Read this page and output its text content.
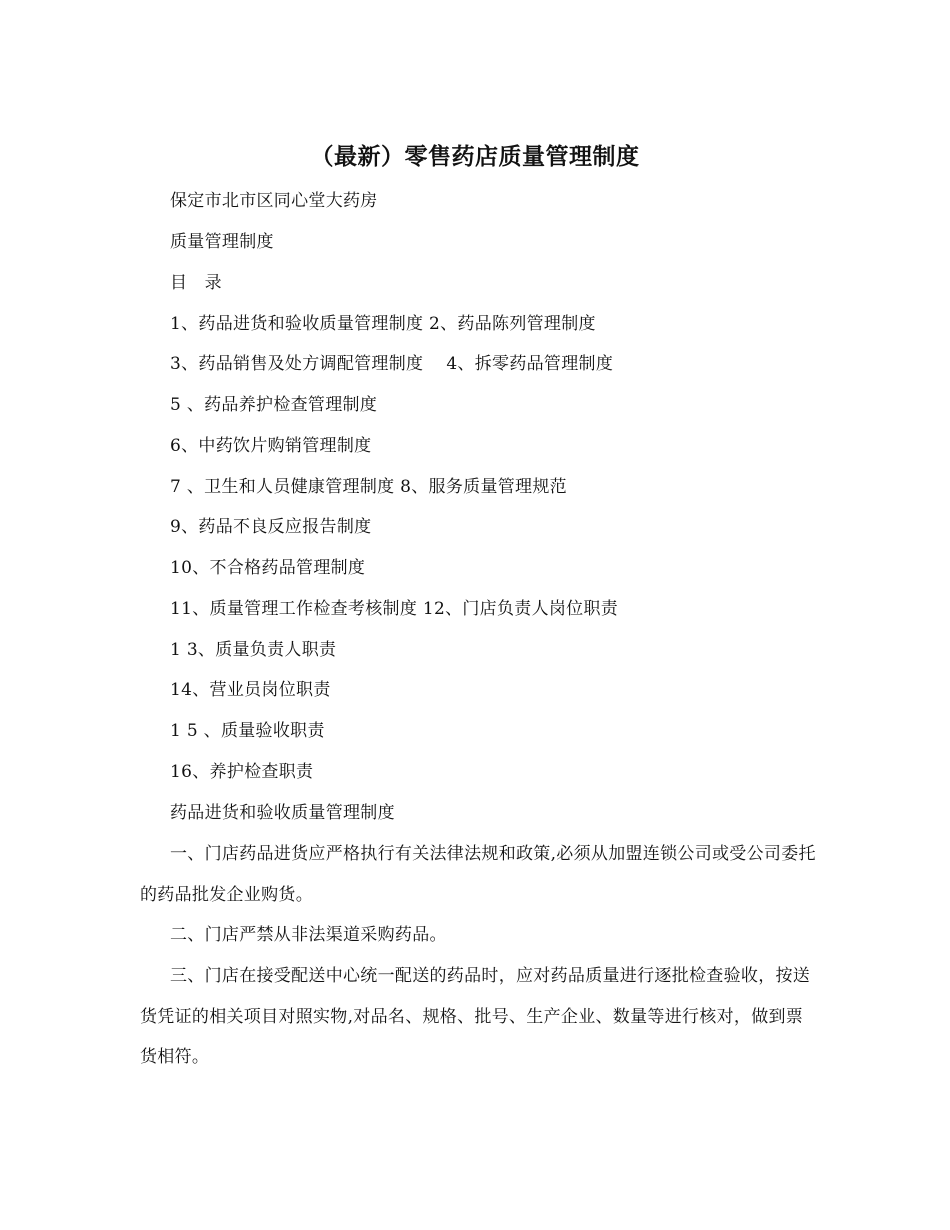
（最新）零售药店质量管理制度
保定市北市区同心堂大药房
质量管理制度
目　录
1、药品进货和验收质量管理制度 2、药品陈列管理制度
3、药品销售及处方调配管理制度　 4、拆零药品管理制度
5 、药品养护检查管理制度
6、中药饮片购销管理制度
7 、卫生和人员健康管理制度 8、服务质量管理规范
9、药品不良反应报告制度
10、不合格药品管理制度
11、质量管理工作检查考核制度 12、门店负责人岗位职责
1 3、质量负责人职责
14、营业员岗位职责
1 5 、质量验收职责
16、养护检查职责
药品进货和验收质量管理制度
一、门店药品进货应严格执行有关法律法规和政策,必须从加盟连锁公司或受公司委托的药品批发企业购货。
二、门店严禁从非法渠道采购药品。
三、门店在接受配送中心统一配送的药品时，应对药品质量进行逐批检查验收，按送货凭证的相关项目对照实物,对品名、规格、批号、生产企业、数量等进行核对，做到票货相符。
